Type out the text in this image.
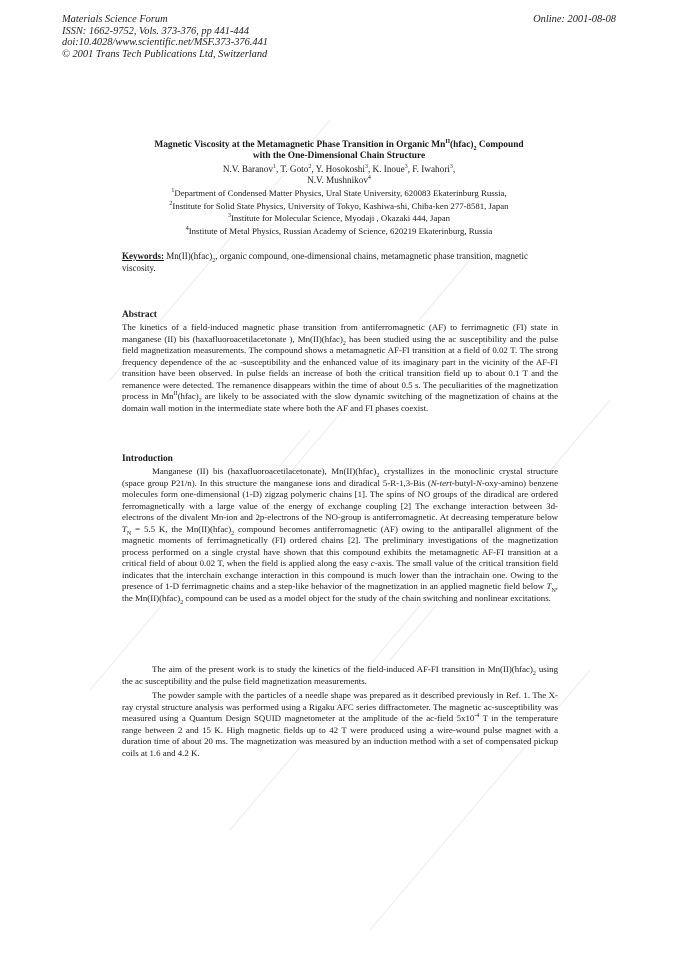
Materials Science Forum
ISSN: 1662-9752, Vols. 373-376, pp 441-444
doi:10.4028/www.scientific.net/MSF.373-376.441
© 2001 Trans Tech Publications Ltd, Switzerland
Online: 2001-08-08
Magnetic Viscosity at the Metamagnetic Phase Transition in Organic $Mn^{II}(hfac)_2$ Compound
with the One-Dimensional Chain Structure
N.V. Baranov$^1$, T. Goto$^2$, Y. Hosokoshi$^3$, K. Inoue$^3$, F. Iwahori$^3$,
N.V. Mushnikov$^4$
$^1$Department of Condensed Matter Physics, Ural State University, 620083 Ekaterinburg Russia,
$^2$Institute for Solid State Physics, University of Tokyo, Kashiwa-shi, Chiba-ken 277-8581, Japan
$^3$Institute for Molecular Science, Myodaji , Okazaki 444, Japan
$^4$Institute of Metal Physics, Russian Academy of Science, 620219 Ekaterinburg, Russia
Keywords: $Mn(II)(hfac)_2$, organic compound, one-dimensional chains, metamagnetic phase transition, magnetic viscosity.
Abstract
The kinetics of a field-induced magnetic phase transition from antiferromagnetic (AF) to ferrimagnetic (FI) state in manganese (II) bis (haxafluoroacetilacetonate ), $Mn(II)(hfac)_2$ has been studied using the ac susceptibility and the pulse field magnetization measurements. The compound shows a metamagnetic AF-FI transition at a field of 0.02 T. The strong frequency dependence of the ac -susceptibility and the enhanced value of its imaginary part in the vicinity of the AF-FI transition have been observed. In pulse fields an increase of both the critical transition field up to about 0.1 T and the remanence were detected. The remanence disappears within the time of about 0.5 s. The peculiarities of the magnetization process in $Mn^{II}(hfac)_2$ are likely to be associated with the slow dynamic switching of the magnetization of chains at the domain wall motion in the intermediate state where both the AF and FI phases coexist.
Introduction
Manganese (II) bis (haxafluoroacetilacetonate), $Mn(II)(hfac)_2$ crystallizes in the monoclinic crystal structure (space group P21/n). In this structure the manganese ions and diradical 5-R-1,3-Bis (N-tert-butyl-N-oxy-amino) benzene molecules form one-dimensional (1-D) zigzag polymeric chains [1]. The spins of NO groups of the diradical are ordered ferromagnetically with a large value of the energy of exchange coupling [2] The exchange interaction between 3d-electrons of the divalent Mn-ion and 2p-electrons of the NO-group is antiferromagnetic. At decreasing temperature below $T_N = 5.5$ K, the $Mn(II)(hfac)_2$ compound becomes antiferromagnetic (AF) owing to the antiparallel alignment of the magnetic moments of ferrimagnetically (FI) ordered chains [2]. The preliminary investigations of the magnetization process performed on a single crystal have shown that this compound exhibits the metamagnetic AF-FI transition at a critical field of about 0.02 T, when the field is applied along the easy c-axis. The small value of the critical transition field indicates that the interchain exchange interaction in this compound is much lower than the intrachain one. Owing to the presence of 1-D ferrimagnetic chains and a step-like behavior of the magnetization in an applied magnetic field below $T_N$, the $Mn(II)(hfac)_2$ compound can be used as a model object for the study of the chain switching and nonlinear excitations.
The aim of the present work is to study the kinetics of the field-induced AF-FI transition in $Mn(II)(hfac)_2$ using the ac susceptibility and the pulse field magnetization measurements.
The powder sample with the particles of a needle shape was prepared as it described previously in Ref. 1. The X-ray crystal structure analysis was performed using a Rigaku AFC series diffractometer. The magnetic ac-susceptibility was measured using a Quantum Design SQUID magnetometer at the amplitude of the ac-field $5x10^{-4}$ T in the temperature range between 2 and 15 K. High magnetic fields up to 42 T were produced using a wire-wound pulse magnet with a duration time of about 20 ms. The magnetization was measured by an induction method with a set of compensated pickup coils at 1.6 and 4.2 K.
